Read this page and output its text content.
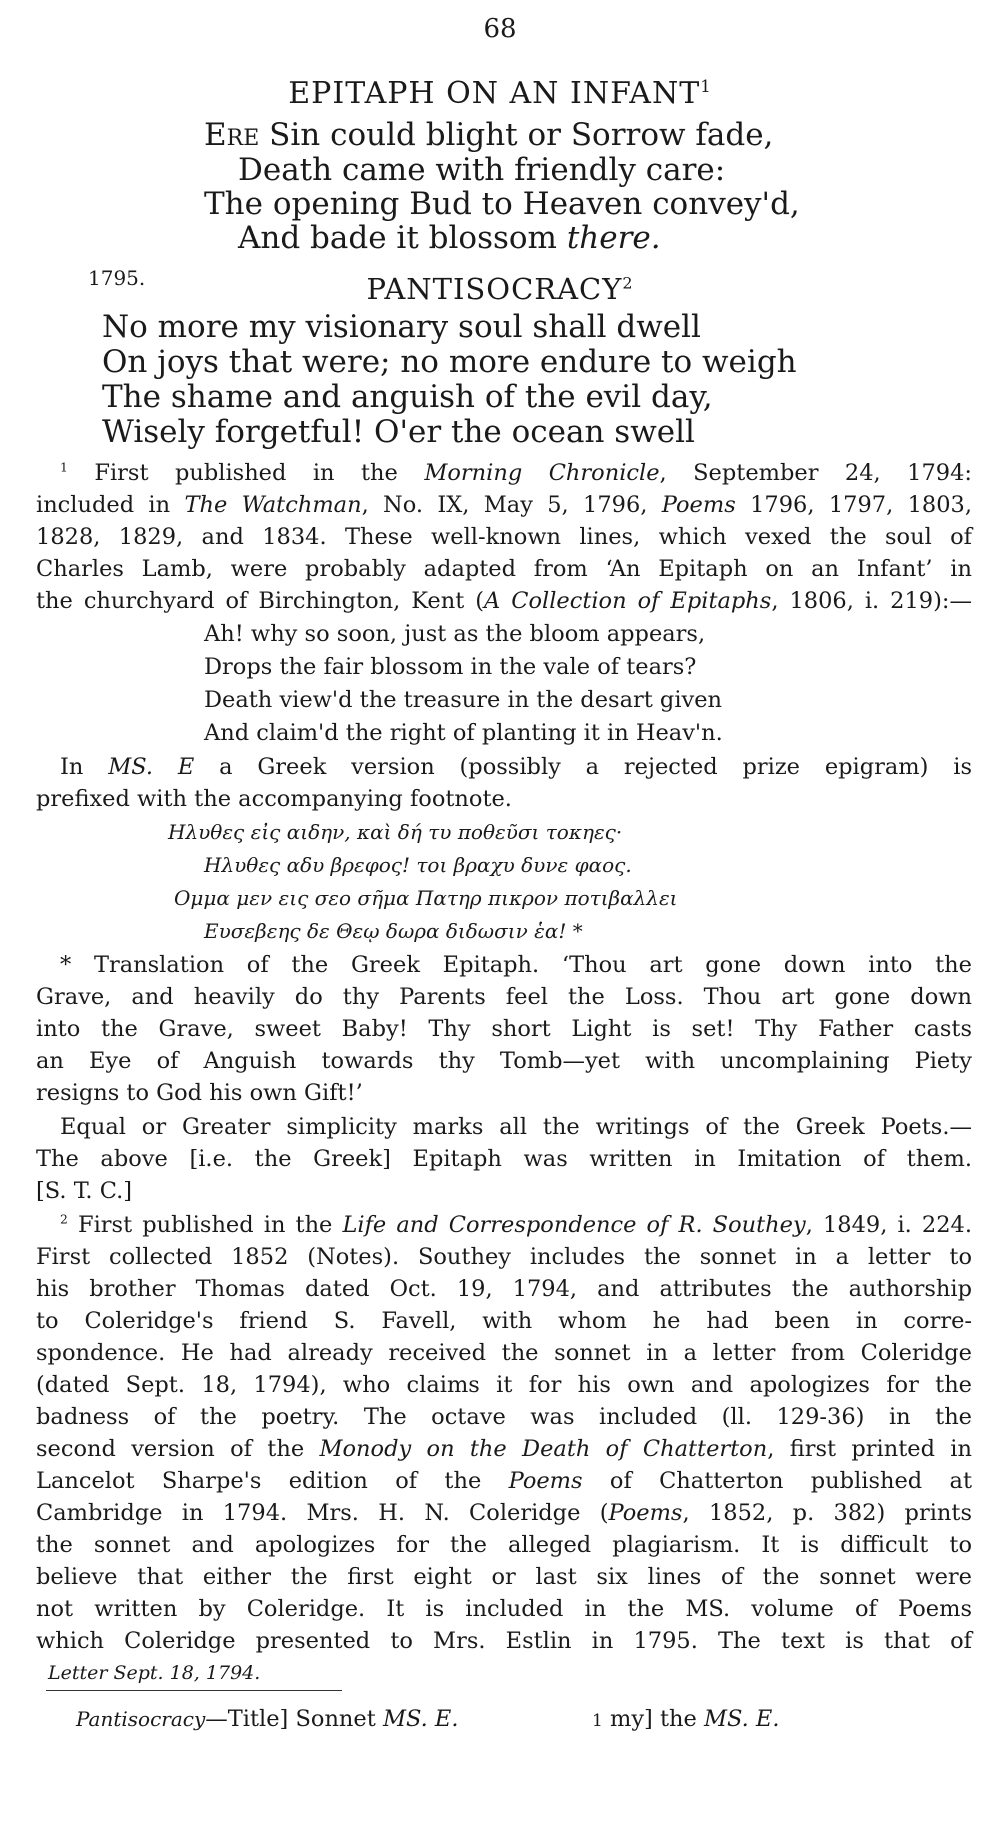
68
EPITAPH ON AN INFANT$^1$
Ere Sin could blight or Sorrow fade,
Death came with friendly care:
The opening Bud to Heaven convey'd,
And bade it blossom there.
1795.	PANTISOCRACY$^2$
No more my visionary soul shall dwell
On joys that were; no more endure to weigh
The shame and anguish of the evil day,
Wisely forgetful! O'er the ocean swell
$^1$ First published in the Morning Chronicle, September 24, 1794:
included in The Watchman, No. IX, May 5, 1796, Poems 1796, 1797, 1803,
1828, 1829, and 1834. These well-known lines, which vexed the soul of
Charles Lamb, were probably adapted from ‘An Epitaph on an Infant’ in
the churchyard of Birchington, Kent (A Collection of Epitaphs, 1806, i. 219):—
Ah! why so soon, just as the bloom appears,
Drops the fair blossom in the vale of tears?
Death view'd the treasure in the desart given
And claim'd the right of planting it in Heav'n.
In MS. E a Greek version (possibly a rejected prize epigram) is
prefixed with the accompanying footnote.
Ηλυθες εἰς αιδην, καὶ δή τυ ποθεῦσι τοκηες·
Ηλυθες αδυ βρεφος! τοι βραχυ δυνε φαος.
Ομμα μεν εις σεο σῆμα Πατηρ πικρον ποτιβαλλει
Ευσεβεης δε Θεῳ δωρα διδωσιν ἑα! *
* Translation of the Greek Epitaph. ‘Thou art gone down into the
Grave, and heavily do thy Parents feel the Loss. Thou art gone down
into the Grave, sweet Baby! Thy short Light is set! Thy Father casts
an Eye of Anguish towards thy Tomb—yet with uncomplaining Piety
resigns to God his own Gift!’
Equal or Greater simplicity marks all the writings of the Greek Poets.—
The above [i.e. the Greek] Epitaph was written in Imitation of them.
[S. T. C.]
$^2$ First published in the Life and Correspondence of R. Southey, 1849, i. 224.
First collected 1852 (Notes). Southey includes the sonnet in a letter to
his brother Thomas dated Oct. 19, 1794, and attributes the authorship
to Coleridge's friend S. Favell, with whom he had been in corre-
spondence. He had already received the sonnet in a letter from Coleridge
(dated Sept. 18, 1794), who claims it for his own and apologizes for the
badness of the poetry. The octave was included (ll. 129-36) in the
second version of the Monody on the Death of Chatterton, first printed in
Lancelot Sharpe's edition of the Poems of Chatterton published at
Cambridge in 1794. Mrs. H. N. Coleridge (Poems, 1852, p. 382) prints
the sonnet and apologizes for the alleged plagiarism. It is difficult to
believe that either the first eight or last six lines of the sonnet were
not written by Coleridge. It is included in the MS. volume of Poems
which Coleridge presented to Mrs. Estlin in 1795. The text is that of
Letter Sept. 18, 1794.
Pantisocracy—Title] Sonnet MS. E.	1 my] the MS. E.
